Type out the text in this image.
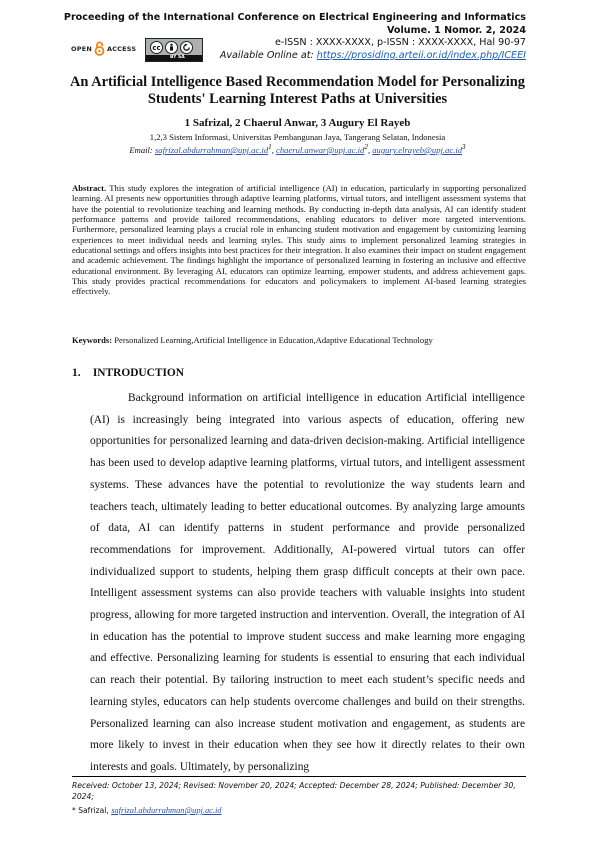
OPEN ACCESS	cc
BY SA
Proceeding of the International Conference on Electrical Engineering and Informatics
Volume. 1 Nomor. 2, 2024
e-ISSN : XXXX-XXXX, p-ISSN : XXXX-XXXX, Hal 90-97
Available Online at: https://prosiding.arteii.or.id/index.php/ICEEI
An Artificial Intelligence Based Recommendation Model for Personalizing Students' Learning Interest Paths at Universities
1 Safrizal, 2 Chaerul Anwar, 3 Augury El Rayeb
1,2,3 Sistem Informasi, Universitas Pembangunan Jaya, Tangerang Selatan, Indonesia
Email: $safrizal.abdurrahman@upj.ac.id^1$, $chaerul.anwar@upj.ac.id^2$, $augury.elrayeb@upj.ac.id^3$
Abstract. This study explores the integration of artificial intelligence (AI) in education, particularly in supporting personalized learning. AI presents new opportunities through adaptive learning platforms, virtual tutors, and intelligent assessment systems that have the potential to revolutionize teaching and learning methods. By conducting in-depth data analysis, AI can identify student performance patterns and provide tailored recommendations, enabling educators to deliver more targeted interventions. Furthermore, personalized learning plays a crucial role in enhancing student motivation and engagement by customizing learning experiences to meet individual needs and learning styles. This study aims to implement personalized learning strategies in educational settings and offers insights into best practices for their integration. It also examines their impact on student engagement and academic achievement. The findings highlight the importance of personalized learning in fostering an inclusive and effective educational environment. By leveraging AI, educators can optimize learning, empower students, and address achievement gaps. This study provides practical recommendations for educators and policymakers to implement AI-based learning strategies effectively.
Keywords: Personalized Learning,Artificial Intelligence in Education,Adaptive Educational Technology
1. INTRODUCTION

Background information on artificial intelligence in education Artificial intelligence (AI) is increasingly being integrated into various aspects of education, offering new opportunities for personalized learning and data-driven decision-making. Artificial intelligence has been used to develop adaptive learning platforms, virtual tutors, and intelligent assessment systems. These advances have the potential to revolutionize the way students learn and teachers teach, ultimately leading to better educational outcomes. By analyzing large amounts of data, AI can identify patterns in student performance and provide personalized recommendations for improvement. Additionally, AI-powered virtual tutors can offer individualized support to students, helping them grasp difficult concepts at their own pace. Intelligent assessment systems can also provide teachers with valuable insights into student progress, allowing for more targeted instruction and intervention. Overall, the integration of AI in education has the potential to improve student success and make learning more engaging and effective. Personalizing learning for students is essential to ensuring that each individual can reach their potential. By tailoring instruction to meet each student’s specific needs and learning styles, educators can help students overcome challenges and build on their strengths. Personalized learning can also increase student motivation and engagement, as students are more likely to invest in their education when they see how it directly relates to their own interests and goals. Ultimately, by personalizing

Received: October 13, 2024; Revised: November 20, 2024; Accepted: December 28, 2024; Published: December 30, 2024;
* Safrizal, safrizal.abdurrahman@upj.ac.id
